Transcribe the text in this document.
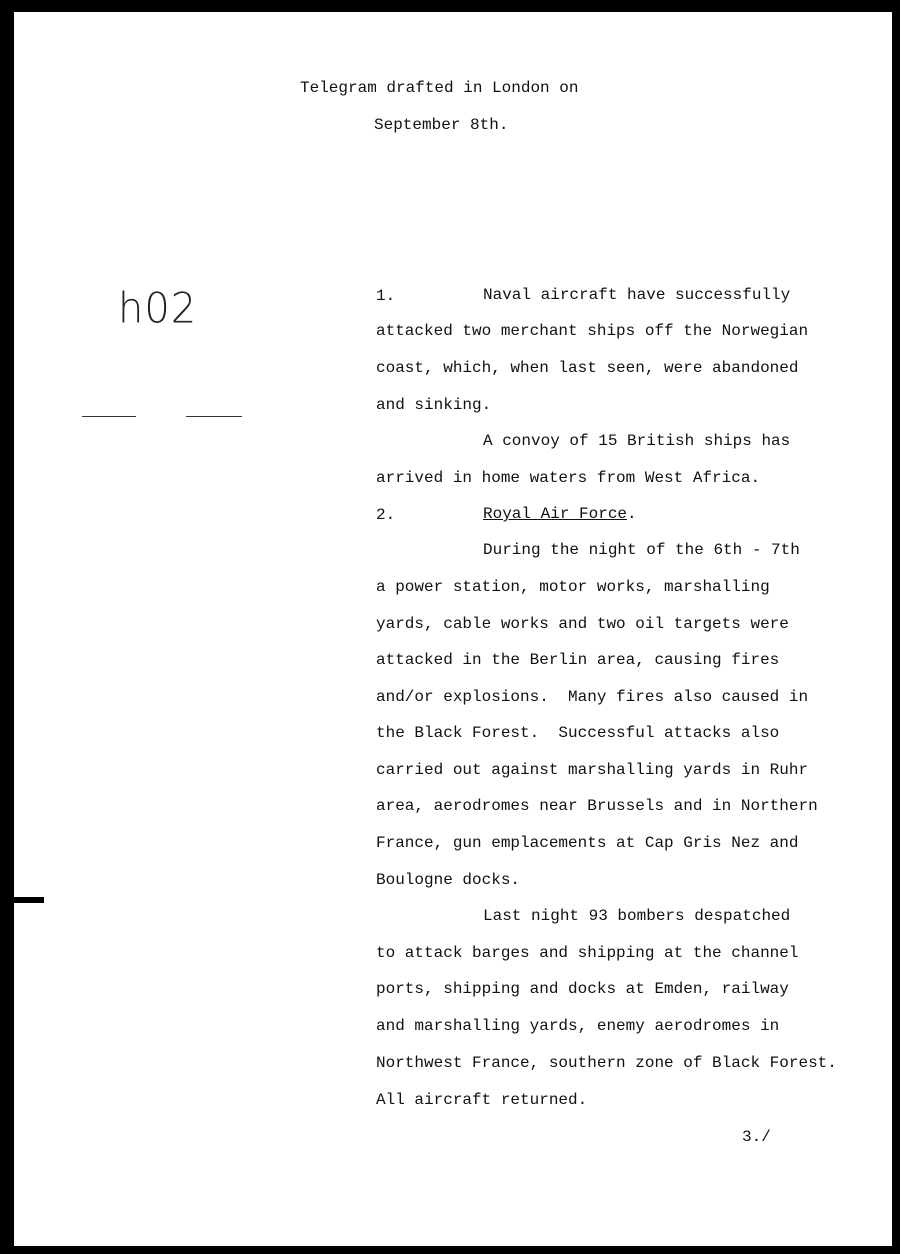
Telegram drafted in London on
September 8th.
h02	1.	Naval aircraft have successfully
attacked two merchant ships off the Norwegian
coast, which, when last seen, were abandoned
and sinking.
A convoy of 15 British ships has
arrived in home waters from West Africa.
2.	Royal Air Force.
During the night of the 6th - 7th
a power station, motor works, marshalling
yards, cable works and two oil targets were
attacked in the Berlin area, causing fires
and/or explosions.  Many fires also caused in
the Black Forest.  Successful attacks also
carried out against marshalling yards in Ruhr
area, aerodromes near Brussels and in Northern
France, gun emplacements at Cap Gris Nez and
Boulogne docks.
Last night 93 bombers despatched
to attack barges and shipping at the channel
ports, shipping and docks at Emden, railway
and marshalling yards, enemy aerodromes in
Northwest France, southern zone of Black Forest.
All aircraft returned.
3./
